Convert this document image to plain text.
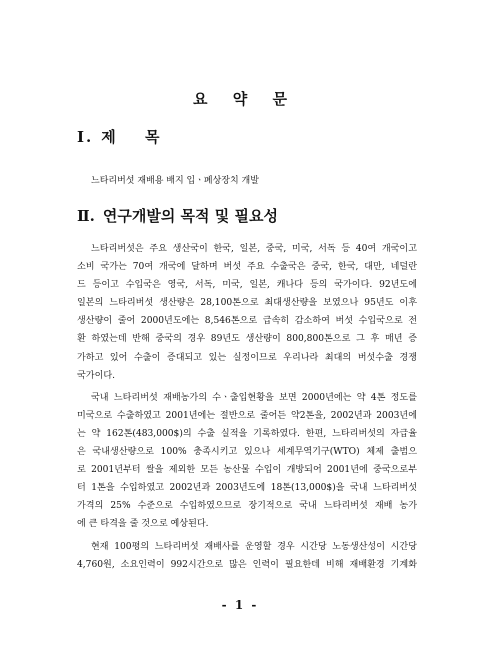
요 약 문
Ⅰ. 제 목
느타리버섯 재배용 배지 입ㆍ폐상장치 개발
Ⅱ. 연구개발의 목적 및 필요성

느타리버섯은 주요 생산국이 한국, 일본, 중국, 미국, 서독 등 40여 개국이고
소비 국가는 70여 개국에 달하며 버섯 주요 수출국은 중국, 한국, 대만, 네덜란
드 등이고 수입국은 영국, 서독, 미국, 일본, 캐나다 등의 국가이다. 92년도에
일본의 느타리버섯 생산량은 28,100톤으로 최대생산량을 보였으나 95년도 이후
생산량이 줄어 2000년도에는 8,546톤으로 급속히 감소하여 버섯 수입국으로 전
환 하였는데 반해 중국의 경우 89년도 생산량이 800,800톤으로 그 후 매년 증
가하고 있어 수출이 증대되고 있는 실정이므로 우리나라 최대의 버섯수출 경쟁
국가이다.

국내 느타리버섯 재배농가의 수ㆍ출입현황을 보면 2000년에는 약 4톤 정도를
미국으로 수출하였고 2001년에는 절반으로 줄어든 약2톤을, 2002년과 2003년에
는 약 162톤(483,000$)의 수출 실적을 기록하였다. 한편, 느타리버섯의 자급율
은 국내생산량으로 100% 충족시키고 있으나 세계무역기구(WTO) 체제 출범으
로 2001년부터 쌀을 제외한 모든 농산물 수입이 개방되어 2001년에 중국으로부
터 1톤을 수입하였고 2002년과 2003년도에 18톤(13,000$)을 국내 느타리버섯
가격의 25% 수준으로 수입하였으므로 장기적으로 국내 느타리버섯 재배 농가
에 큰 타격을 줄 것으로 예상된다.

현재 100평의 느타리버섯 재배사를 운영할 경우 시간당 노동생산성이 시간당
4,760원, 소요인력이 992시간으로 많은 인력이 필요한데 비해 재배환경 기계화

- 1 -
